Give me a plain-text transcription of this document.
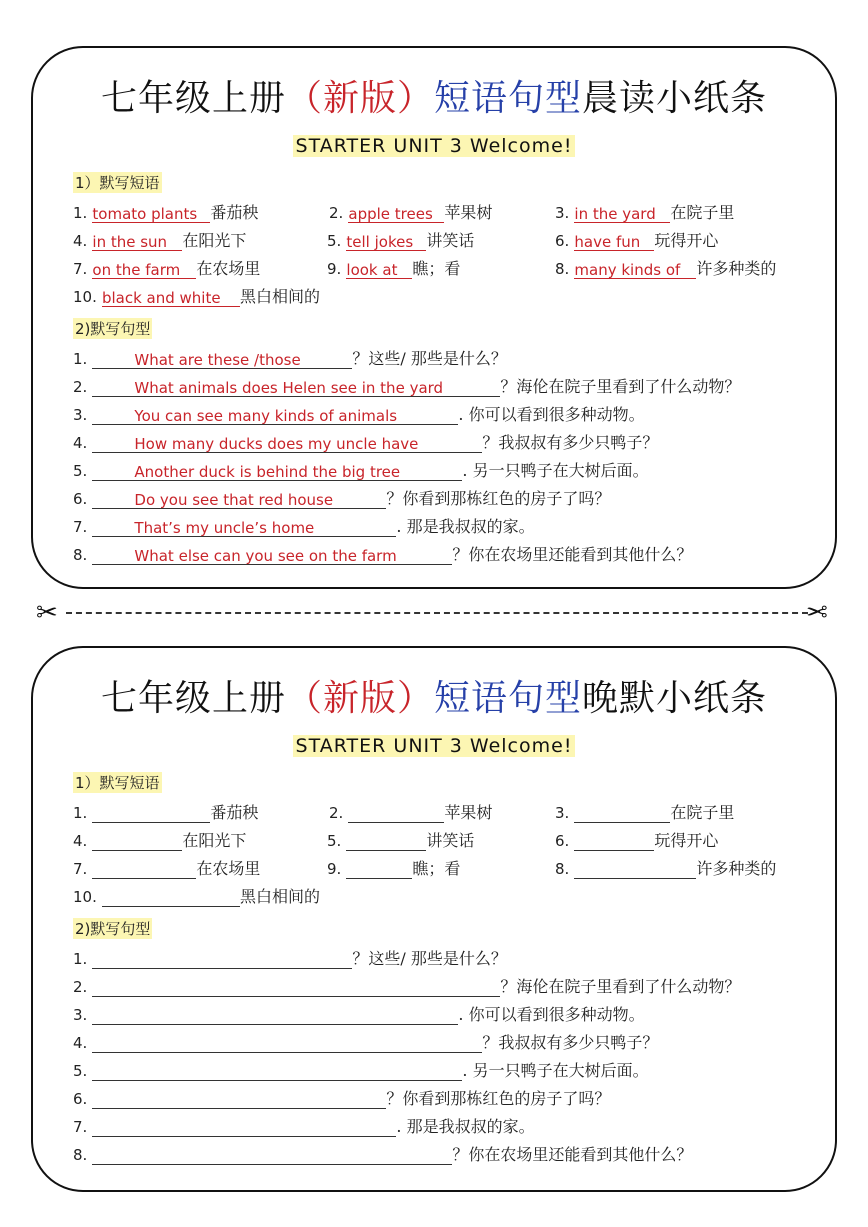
七年级上册（新版）短语句型晨读小纸条
STARTER UNIT 3 Welcome!
1）默写短语
1. tomato plants 番茄秧	2. apple trees 苹果树	3. in the yard 在院子里
4. in the sun 在阳光下	5. tell jokes 讲笑话	6. have fun 玩得开心
7. on the farm 在农场里	9. look at 瞧；看	8. many kinds of 许多种类的
10. black and white 黑白相间的
2)默写句型
1.	What are these /those	？这些/ 那些是什么？
2.	What animals does Helen see in the yard	？海伦在院子里看到了什么动物？
3.	You can see many kinds of animals	. 你可以看到很多种动物。
4.	How many ducks does my uncle have	？我叔叔有多少只鸭子？
5.	Another duck is behind the big tree	. 另一只鸭子在大树后面。
6.	Do you see that red house	？你看到那栋红色的房子了吗？
7.	That’s my uncle’s home	. 那是我叔叔的家。
8.	What else can you see on the farm	？你在农场里还能看到其他什么？
✂	✂
七年级上册（新版）短语句型晚默小纸条
STARTER UNIT 3 Welcome!
1）默写短语
1.	番茄秧	2.	苹果树	3.	在院子里
4.	在阳光下	5.	讲笑话	6.	玩得开心
7.	在农场里	9.	瞧；看	8.	许多种类的
10.	黑白相间的
2)默写句型
1.	？这些/ 那些是什么？
2.	？海伦在院子里看到了什么动物？
3.	. 你可以看到很多种动物。
4.	？我叔叔有多少只鸭子？
5.	. 另一只鸭子在大树后面。
6.	？你看到那栋红色的房子了吗？
7.	. 那是我叔叔的家。
8.	？你在农场里还能看到其他什么？
